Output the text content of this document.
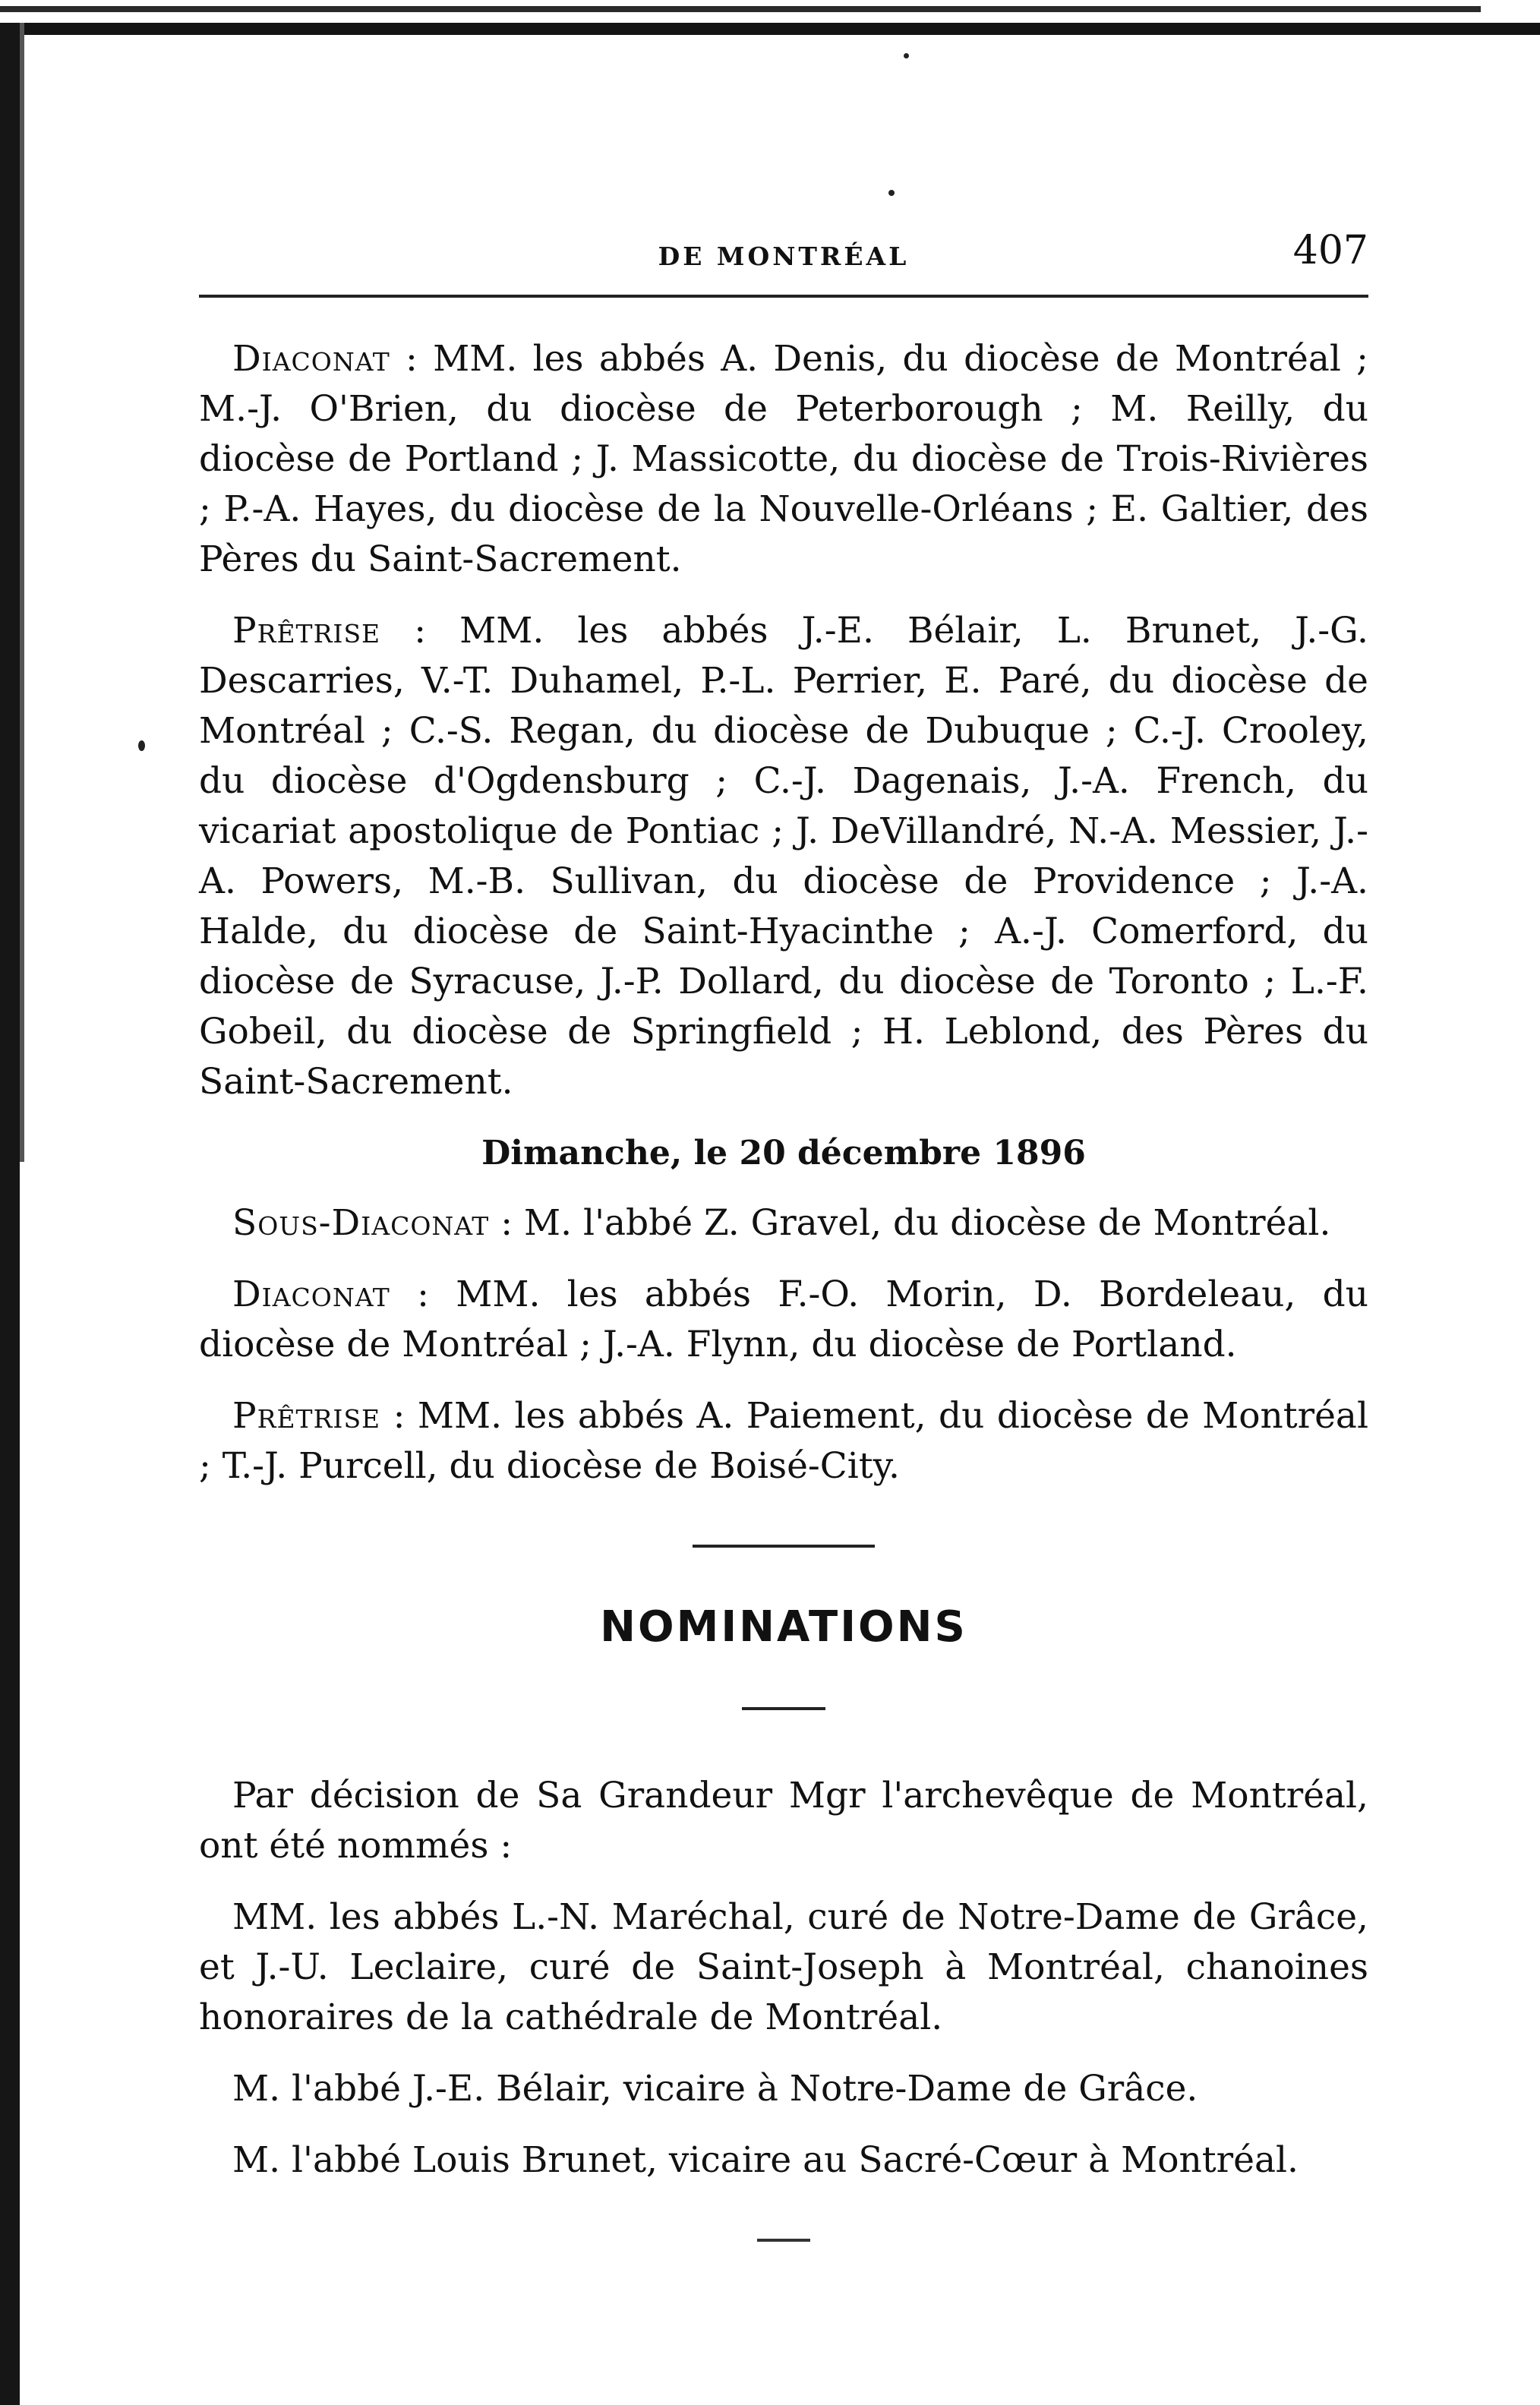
DE MONTRÉAL	407

Diaconat : MM. les abbés A. Denis, du diocèse de Montréal ; M.-J. O'Brien, du diocèse de Peterborough ; M. Reilly, du diocèse de Portland ; J. Massicotte, du diocèse de Trois-Rivières ; P.-A. Hayes, du diocèse de la Nouvelle-Orléans ; E. Galtier, des Pères du Saint-Sacrement.

Prêtrise : MM. les abbés J.-E. Bélair, L. Brunet, J.-G. Descarries, V.-T. Duhamel, P.-L. Perrier, E. Paré, du diocèse de Montréal ; C.-S. Regan, du diocèse de Dubuque ; C.-J. Crooley, du diocèse d'Ogdensburg ; C.-J. Dagenais, J.-A. French, du vicariat apostolique de Pontiac ; J. DeVillandré, N.-A. Messier, J.-A. Powers, M.-B. Sullivan, du diocèse de Providence ; J.-A. Halde, du diocèse de Saint-Hyacinthe ; A.-J. Comerford, du diocèse de Syracuse, J.-P. Dollard, du diocèse de Toronto ; L.-F. Gobeil, du diocèse de Springfield ; H. Leblond, des Pères du Saint-Sacrement.

Dimanche, le 20 décembre 1896

Sous-Diaconat : M. l'abbé Z. Gravel, du diocèse de Montréal.

Diaconat : MM. les abbés F.-O. Morin, D. Bordeleau, du diocèse de Montréal ; J.-A. Flynn, du diocèse de Portland.

Prêtrise : MM. les abbés A. Paiement, du diocèse de Montréal ; T.-J. Purcell, du diocèse de Boisé-City.

NOMINATIONS

Par décision de Sa Grandeur Mgr l'archevêque de Montréal, ont été nommés :

MM. les abbés L.-N. Maréchal, curé de Notre-Dame de Grâce, et J.-U. Leclaire, curé de Saint-Joseph à Montréal, chanoines honoraires de la cathédrale de Montréal.

M. l'abbé J.-E. Bélair, vicaire à Notre-Dame de Grâce.

M. l'abbé Louis Brunet, vicaire au Sacré-Cœur à Montréal.
